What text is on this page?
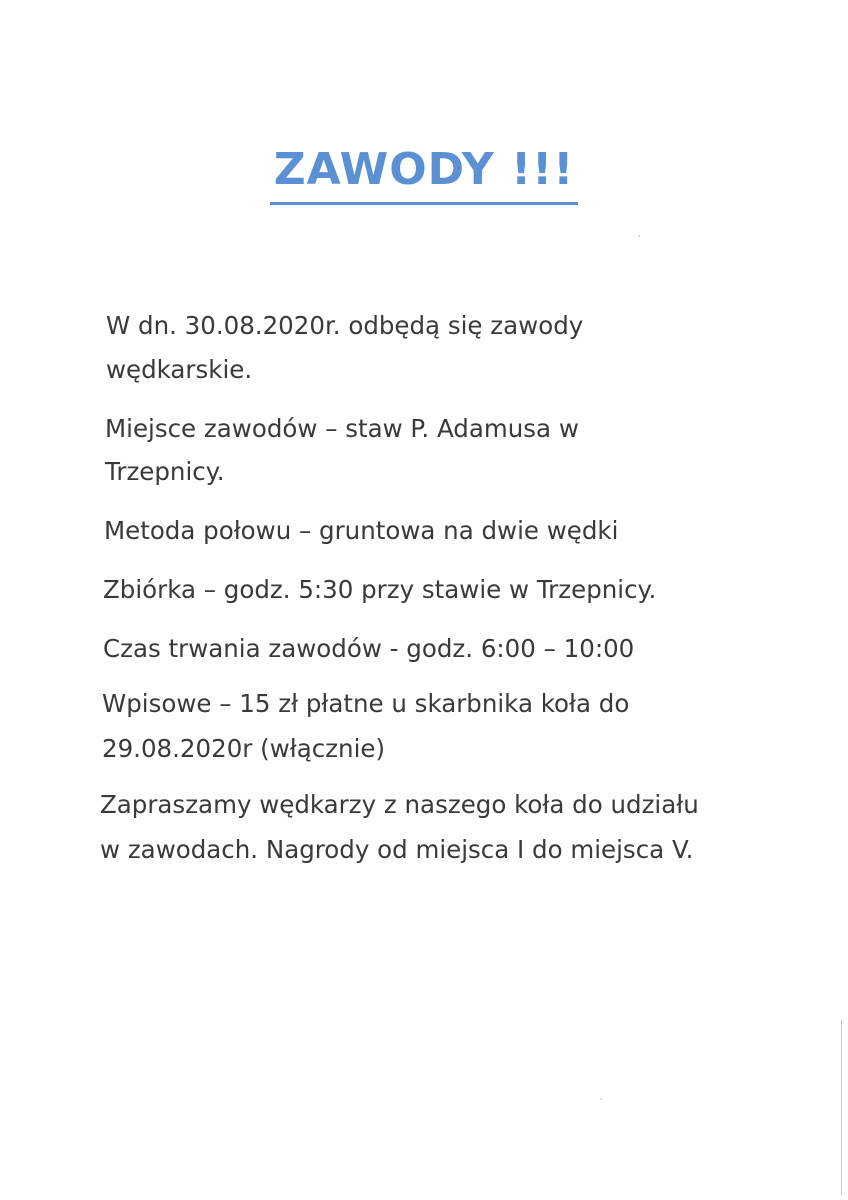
ZAWODY !!!

W dn. 30.08.2020r. odbędą się zawody

wędkarskie.

Miejsce zawodów – staw P. Adamusa w

Trzepnicy.

Metoda połowu – gruntowa na dwie wędki

Zbiórka – godz. 5:30 przy stawie w Trzepnicy.

Czas trwania zawodów - godz. 6:00 – 10:00

Wpisowe – 15 zł płatne u skarbnika koła do

29.08.2020r (włącznie)

Zapraszamy wędkarzy z naszego koła do udziału

w zawodach. Nagrody od miejsca I do miejsca V.
